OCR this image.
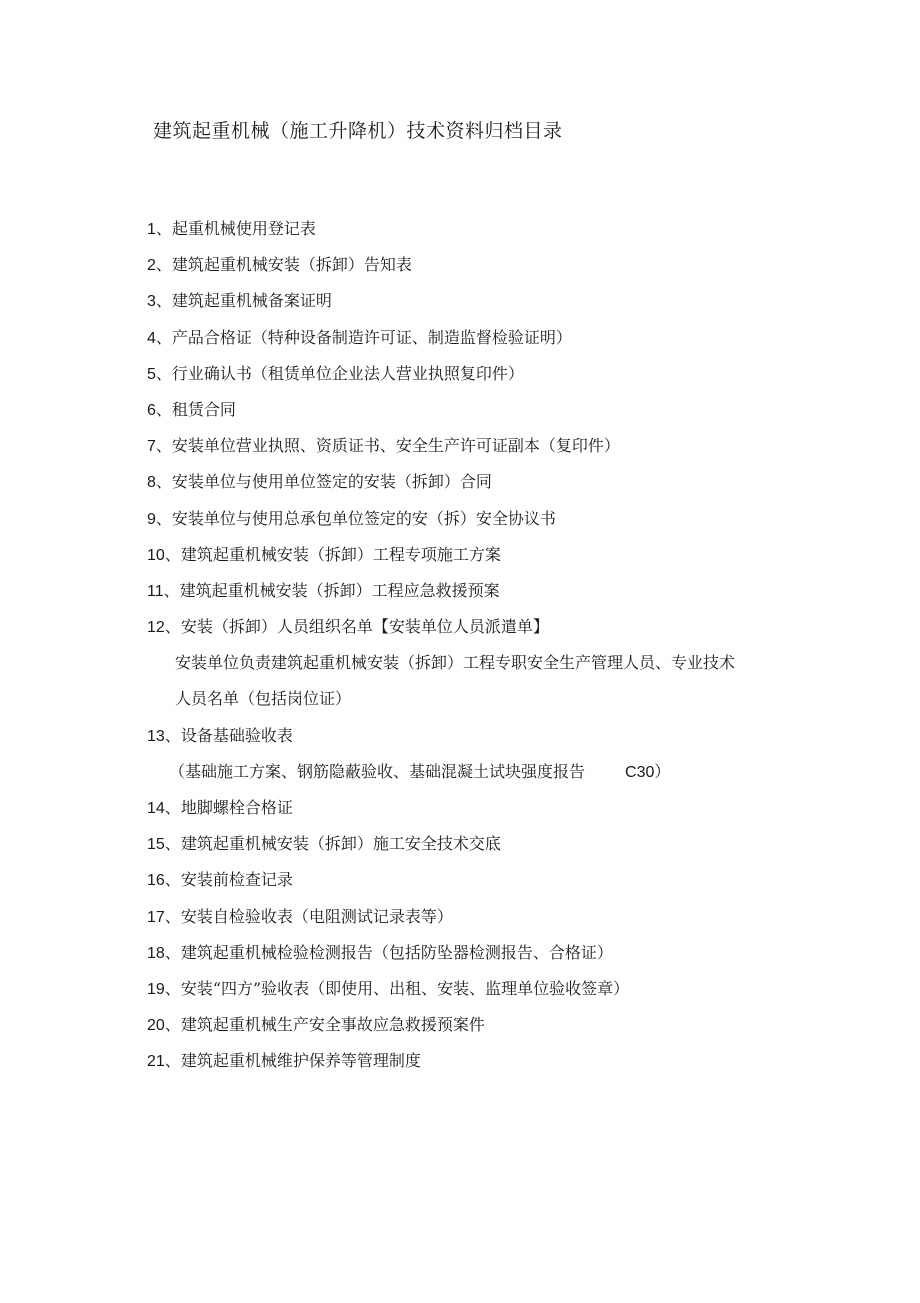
建筑起重机械（施工升降机）技术资料归档目录
1、起重机械使用登记表
2、建筑起重机械安装（拆卸）告知表
3、建筑起重机械备案证明
4、产品合格证（特种设备制造许可证、制造监督检验证明）
5、行业确认书（租赁单位企业法人营业执照复印件）
6、租赁合同
7、安装单位营业执照、资质证书、安全生产许可证副本（复印件）
8、安装单位与使用单位签定的安装（拆卸）合同
9、安装单位与使用总承包单位签定的安（拆）安全协议书
10、建筑起重机械安装（拆卸）工程专项施工方案
11、建筑起重机械安装（拆卸）工程应急救援预案
12、安装（拆卸）人员组织名单【安装单位人员派遣单】
安装单位负责建筑起重机械安装（拆卸）工程专职安全生产管理人员、专业技术
人员名单（包括岗位证）
13、设备基础验收表
（基础施工方案、钢筋隐蔽验收、基础混凝土试块强度报告	C30）
14、地脚螺栓合格证
15、建筑起重机械安装（拆卸）施工安全技术交底
16、安装前检查记录
17、安装自检验收表（电阻测试记录表等）
18、建筑起重机械检验检测报告（包括防坠器检测报告、合格证）
19、安装“四方”验收表（即使用、出租、安装、监理单位验收签章）
20、建筑起重机械生产安全事故应急救援预案件
21、建筑起重机械维护保养等管理制度
